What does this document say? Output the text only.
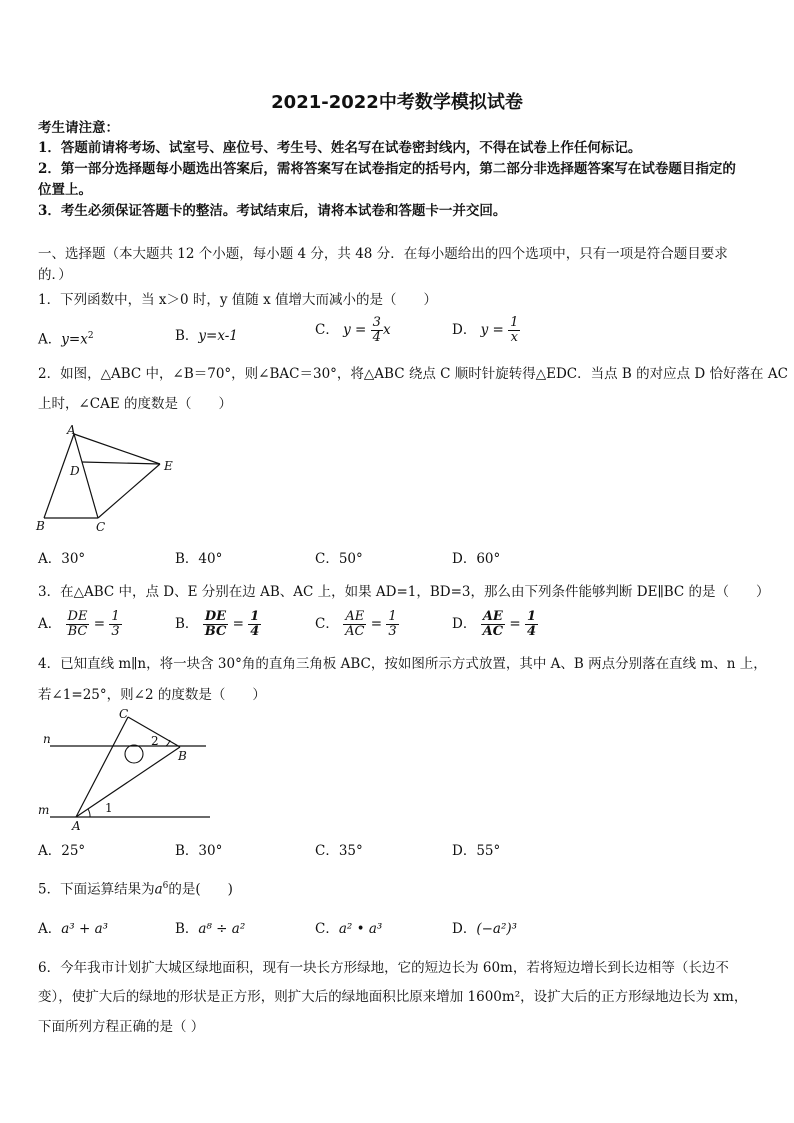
2021-2022中考数学模拟试卷
考生请注意：
1．答题前请将考场、试室号、座位号、考生号、姓名写在试卷密封线内，不得在试卷上作任何标记。
2．第一部分选择题每小题选出答案后，需将答案写在试卷指定的括号内，第二部分非选择题答案写在试卷题目指定的
位置上。
3．考生必须保证答题卡的整洁。考试结束后，请将本试卷和答题卡一并交回。
一、选择题（本大题共 12 个小题，每小题 4 分，共 48 分．在每小题给出的四个选项中，只有一项是符合题目要求
的．）
1．下列函数中，当 x＞0 时，y 值随 x 值增大而减小的是（　　）
A．$y=x^2$	B．y=x-1	C． $y = \frac{3}{4}$ x	D． $y = \frac{1}{x}$
2．如图，△ABC 中，∠B＝70°，则∠BAC＝30°，将△ABC 绕点 C 顺时针旋转得△EDC．当点 B 的对应点 D 恰好落在 AC
上时，∠CAE 的度数是（　　）
A
D	E
B	C
A．30°	B．40°	C．50°	D．60°
3．在△ABC 中，点 D、E 分别在边 AB、AC 上，如果 AD=1，BD=3，那么由下列条件能够判断 DE∥BC 的是（　　）
A． $\frac{DE}{BC} = \frac{1}{3}$	B． $\frac{DE}{BC} = \frac{1}{4}$	C． $\frac{AE}{AC} = \frac{1}{3}$	D． $\frac{AE}{AC} = \frac{1}{4}$
4．已知直线 m∥n，将一块含 30°角的直角三角板 ABC，按如图所示方式放置，其中 A、B 两点分别落在直线 m、n 上，
若∠1=25°，则∠2 的度数是（　　）
C
n	2
B
m	1
A
A．25°	B．30°	C．35°	D．55°
5．下面运算结果为$a^6$的是(　　)
A．a³ + a³	B．a⁸ ÷ a²	C．a² • a³	D．(−a²)³
6．今年我市计划扩大城区绿地面积，现有一块长方形绿地，它的短边长为 60m，若将短边增长到长边相等（长边不
变），使扩大后的绿地的形状是正方形，则扩大后的绿地面积比原来增加 1600m²，设扩大后的正方形绿地边长为 xm，
下面所列方程正确的是（ ）
